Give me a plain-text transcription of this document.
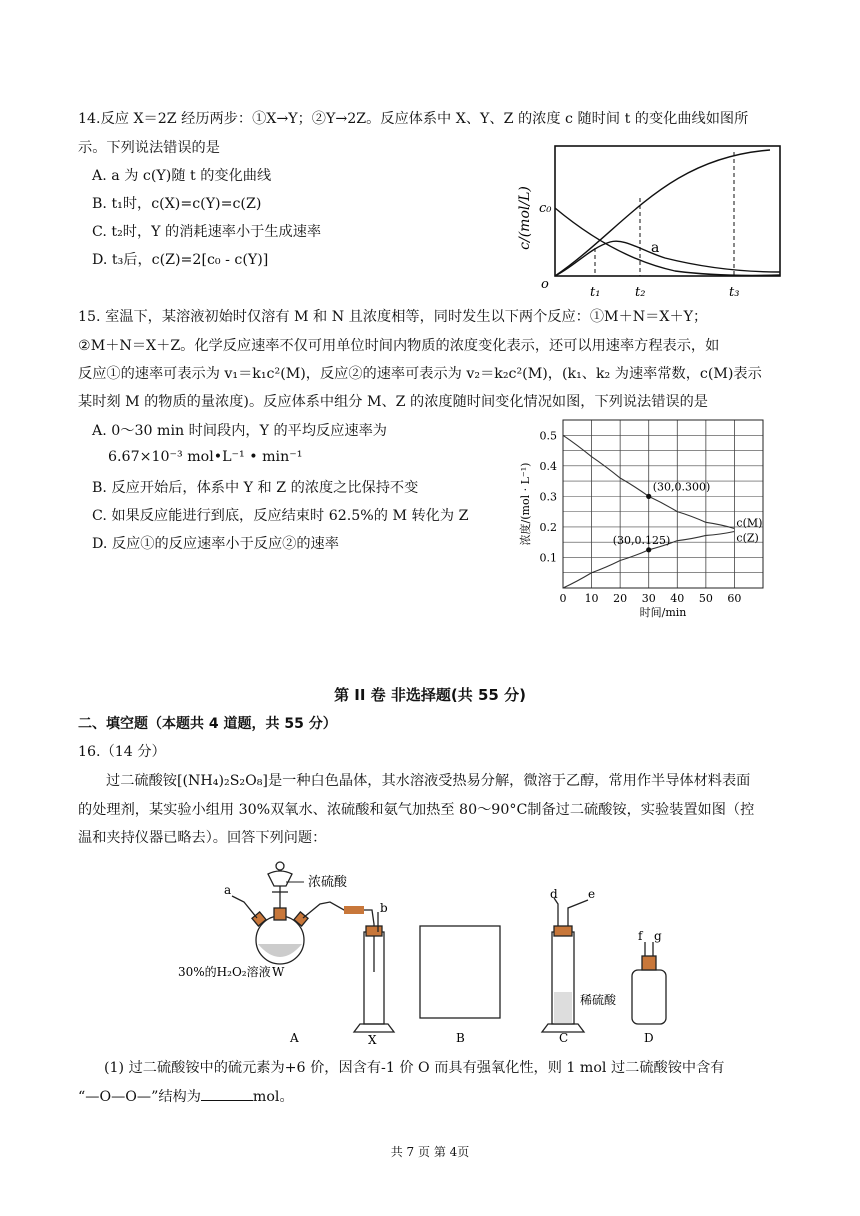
14.反应 X＝2Z 经历两步：①X→Y；②Y→2Z。反应体系中 X、Y、Z 的浓度 c 随时间 t 的变化曲线如图所
示。下列说法错误的是
A. a 为 c(Y)随 t 的变化曲线
B. t₁时，c(X)=c(Y)=c(Z)
C. t₂时，Y 的消耗速率小于生成速率
D. t₃后，c(Z)=2[c₀ - c(Y)]
c/(mol/L) c₀
o
a
t₁	t₂	t₃
15. 室温下，某溶液初始时仅溶有 M 和 N 且浓度相等，同时发生以下两个反应：①M＋N＝X＋Y；
②M＋N＝X＋Z。化学反应速率不仅可用单位时间内物质的浓度变化表示，还可以用速率方程表示，如
反应①的速率可表示为 v₁＝k₁c²(M)，反应②的速率可表示为 v₂＝k₂c²(M)，(k₁、k₂ 为速率常数，c(M)表示
某时刻 M 的物质的量浓度)。反应体系中组分 M、Z 的浓度随时间变化情况如图，下列说法错误的是
A. 0～30 min 时间段内，Y 的平均反应速率为
6.67×10⁻³ mol•L⁻¹ • min⁻¹
B. 反应开始后，体系中 Y 和 Z 的浓度之比保持不变
C. 如果反应能进行到底，反应结束时 62.5%的 M 转化为 Z
D. 反应①的反应速率小于反应②的速率
0 10 20 30 40 50 60
0.1
0.2
0.3
0.4
0.5
时间/min
浓度/(mol · L⁻¹)	c(M)
c(Z)
(30,0.300)
(30,0.125)
第 II 卷 非选择题(共 55 分)
二、填空题（本题共 4 道题，共 55 分）
16.（14 分）
过二硫酸铵[(NH₄)₂S₂O₈]是一种白色晶体，其水溶液受热易分解，微溶于乙醇，常用作半导体材料表面
的处理剂，某实验小组用 30%双氧水、浓硫酸和氨气加热至 80～90°C制备过二硫酸铵，实验装置如图（控
温和夹持仪器已略去）。回答下列问题：
浓硫酸
30%的H₂O₂溶液 W
稀硫酸
a
b
d	e
f g
A	X	B	C	D
(1) 过二硫酸铵中的硫元素为+6 价，因含有-1 价 O 而具有强氧化性，则 1 mol 过二硫酸铵中含有
“—O—O—”结构为	mol。
共 7 页 第 4页
